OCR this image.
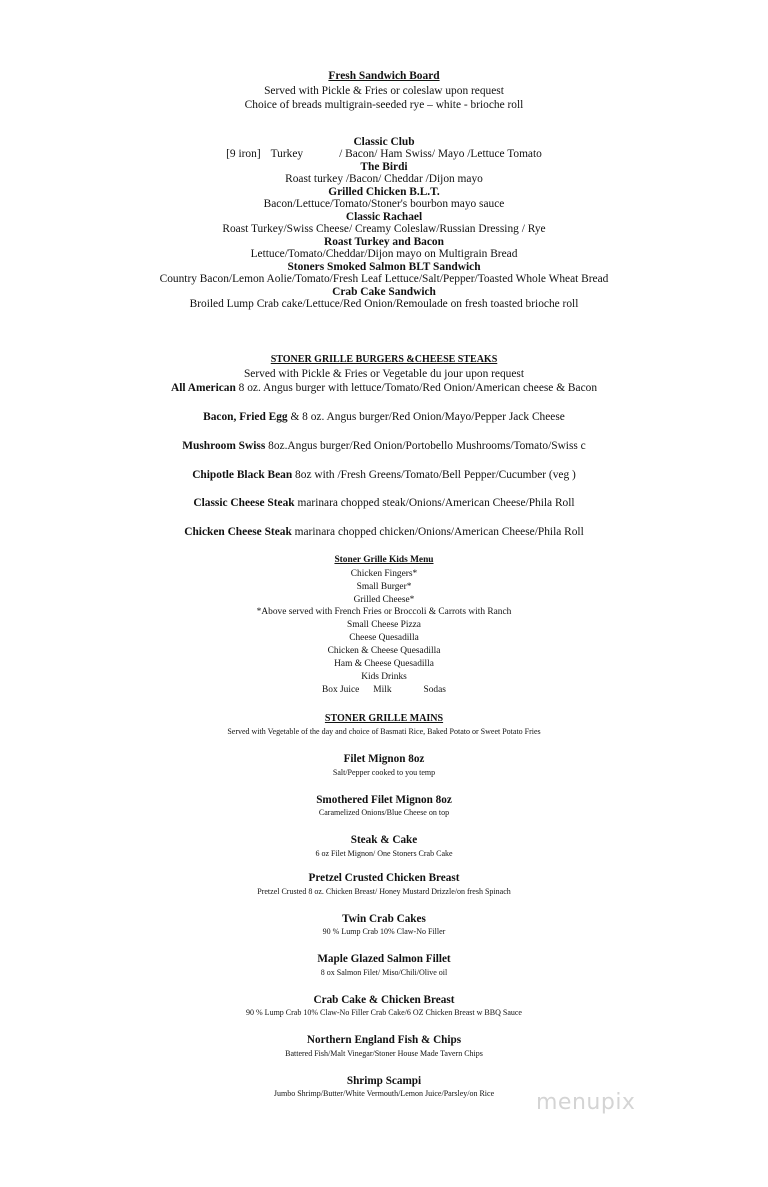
Fresh Sandwich Board
Served with Pickle & Fries or coleslaw upon request
Choice of breads multigrain-seeded rye – white - brioche roll
Classic Club
[9 iron] Turkey	/ Bacon/ Ham Swiss/ Mayo /Lettuce Tomato
The Birdi
Roast turkey /Bacon/ Cheddar /Dijon mayo
Grilled Chicken B.L.T.
Bacon/Lettuce/Tomato/Stoner's bourbon mayo sauce
Classic Rachael
Roast Turkey/Swiss Cheese/ Creamy Coleslaw/Russian Dressing / Rye
Roast Turkey and Bacon
Lettuce/Tomato/Cheddar/Dijon mayo on Multigrain Bread
Stoners Smoked Salmon BLT Sandwich
Country Bacon/Lemon Aolie/Tomato/Fresh Leaf Lettuce/Salt/Pepper/Toasted Whole Wheat Bread
Crab Cake Sandwich
Broiled Lump Crab cake/Lettuce/Red Onion/Remoulade on fresh toasted brioche roll
STONER GRILLE BURGERS &CHEESE STEAKS
Served with Pickle & Fries or Vegetable du jour upon request
All American 8 oz. Angus burger with lettuce/Tomato/Red Onion/American cheese & Bacon
Bacon, Fried Egg & 8 oz. Angus burger/Red Onion/Mayo/Pepper Jack Cheese
Mushroom Swiss 8oz.Angus burger/Red Onion/Portobello Mushrooms/Tomato/Swiss c
Chipotle Black Bean 8oz with /Fresh Greens/Tomato/Bell Pepper/Cucumber (veg )
Classic Cheese Steak marinara chopped steak/Onions/American Cheese/Phila Roll
Chicken Cheese Steak marinara chopped chicken/Onions/American Cheese/Phila Roll
Stoner Grille Kids Menu
Chicken Fingers*
Small Burger*
Grilled Cheese*
*Above served with French Fries or Broccoli & Carrots with Ranch
Small Cheese Pizza
Cheese Quesadilla
Chicken & Cheese Quesadilla
Ham & Cheese Quesadilla
Kids Drinks
Box Juice Milk	Sodas
STONER GRILLE MAINS
Served with Vegetable of the day and choice of Basmati Rice, Baked Potato or Sweet Potato Fries
Filet Mignon 8oz
Salt/Pepper cooked to you temp
Smothered Filet Mignon 8oz
Caramelized Onions/Blue Cheese on top
Steak & Cake
6 oz Filet Mignon/ One Stoners Crab Cake
Pretzel Crusted Chicken Breast
Pretzel Crusted 8 oz. Chicken Breast/ Honey Mustard Drizzle/on fresh Spinach
Twin Crab Cakes
90 % Lump Crab 10% Claw-No Filler
Maple Glazed Salmon Fillet
8 ox Salmon Filet/ Miso/Chili/Olive oil
Crab Cake & Chicken Breast
90 % Lump Crab 10% Claw-No Filler Crab Cake/6 OZ Chicken Breast w BBQ Sauce
Northern England Fish & Chips
Battered Fish/Malt Vinegar/Stoner House Made Tavern Chips
Shrimp Scampi
Jumbo Shrimp/Butter/White Vermouth/Lemon Juice/Parsley/on Rice	menupix
